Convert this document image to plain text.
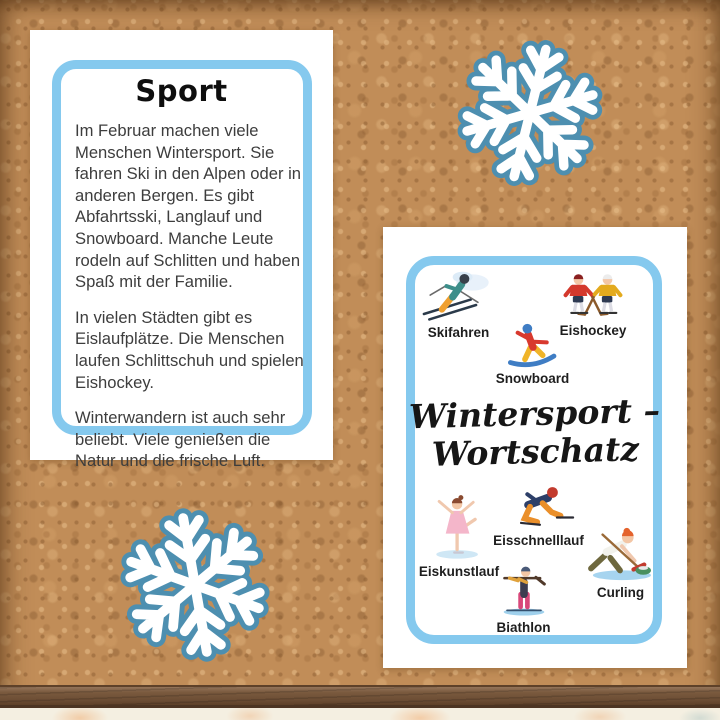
Sport

Im Februar machen viele Menschen Wintersport. Sie fahren Ski in den Alpen oder in anderen Bergen. Es gibt Abfahrtsski, Langlauf und Snowboard. Manche Leute rodeln auf Schlitten und haben Spaß mit der Familie.

In vielen Städten gibt es Eislaufplätze. Die Menschen laufen Schlittschuh und spielen Eishockey.

Winterwandern ist auch sehr beliebt. Viele genießen die Natur und die frische Luft.

Skifahren	Eishockey
Snowboard
Wintersport –
Wortschatz
Eiskunstlauf
Eisschnelllauf
Biathlon
Curling
